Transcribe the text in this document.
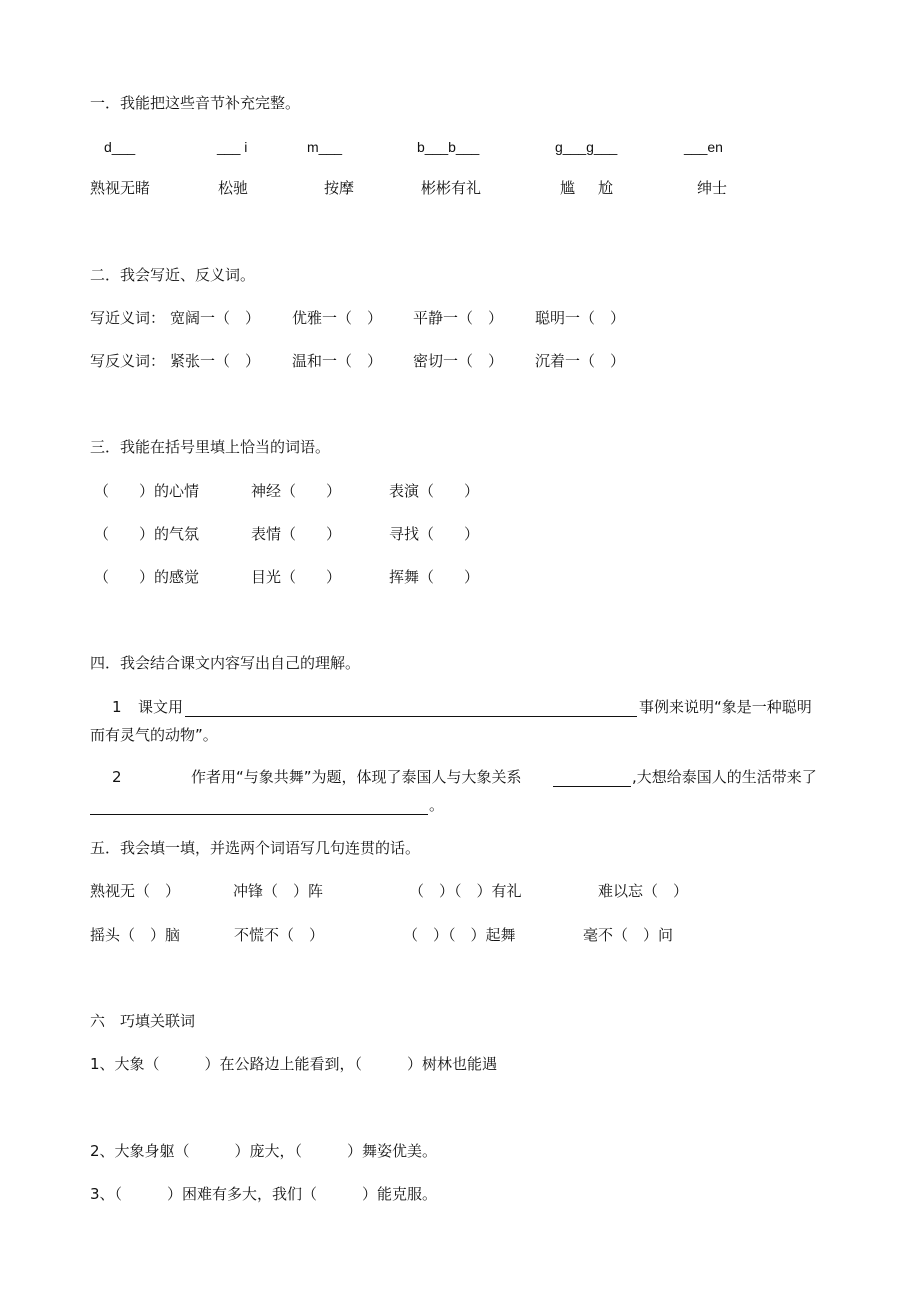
一．我能把这些音节补充完整。
d___	___ i	m___	b___b___	g___g___	___en
熟视无睹	松驰	按摩	彬彬有礼	尴 尬	绅士
二．我会写近、反义词。
写近义词： 宽阔一（　） 优雅一（　） 平静一（　） 聪明一（　）
写反义词： 紧张一（　） 温和一（　） 密切一（　） 沉着一（　）
三．我能在括号里填上恰当的词语。
（　　）的心情	神经（　　）	表演（　　）
（　　）的气氛	表情（　　）	寻找（　　）
（　　）的感觉	目光（　　）	挥舞（　　）
四．我会结合课文内容写出自己的理解。
1 课文用	事例来说明“象是一种聪明
而有灵气的动物”。
2	作者用“与象共舞”为题，体现了泰国人与大象关系	,大想给泰国人的生活带来了
。
五．我会填一填，并选两个词语写几句连贯的话。
熟视无（　）	冲锋（　）阵	（　）（　）有礼	难以忘（　）
摇头（　）脑	不慌不（　）	（　）（　）起舞	毫不（　）问
六　巧填关联词
1、大象（　　　）在公路边上能看到，（　　　）树林也能遇
2、大象身躯（　　　）庞大，（　　　）舞姿优美。
3、（　　　）困难有多大，我们（　　　）能克服。
